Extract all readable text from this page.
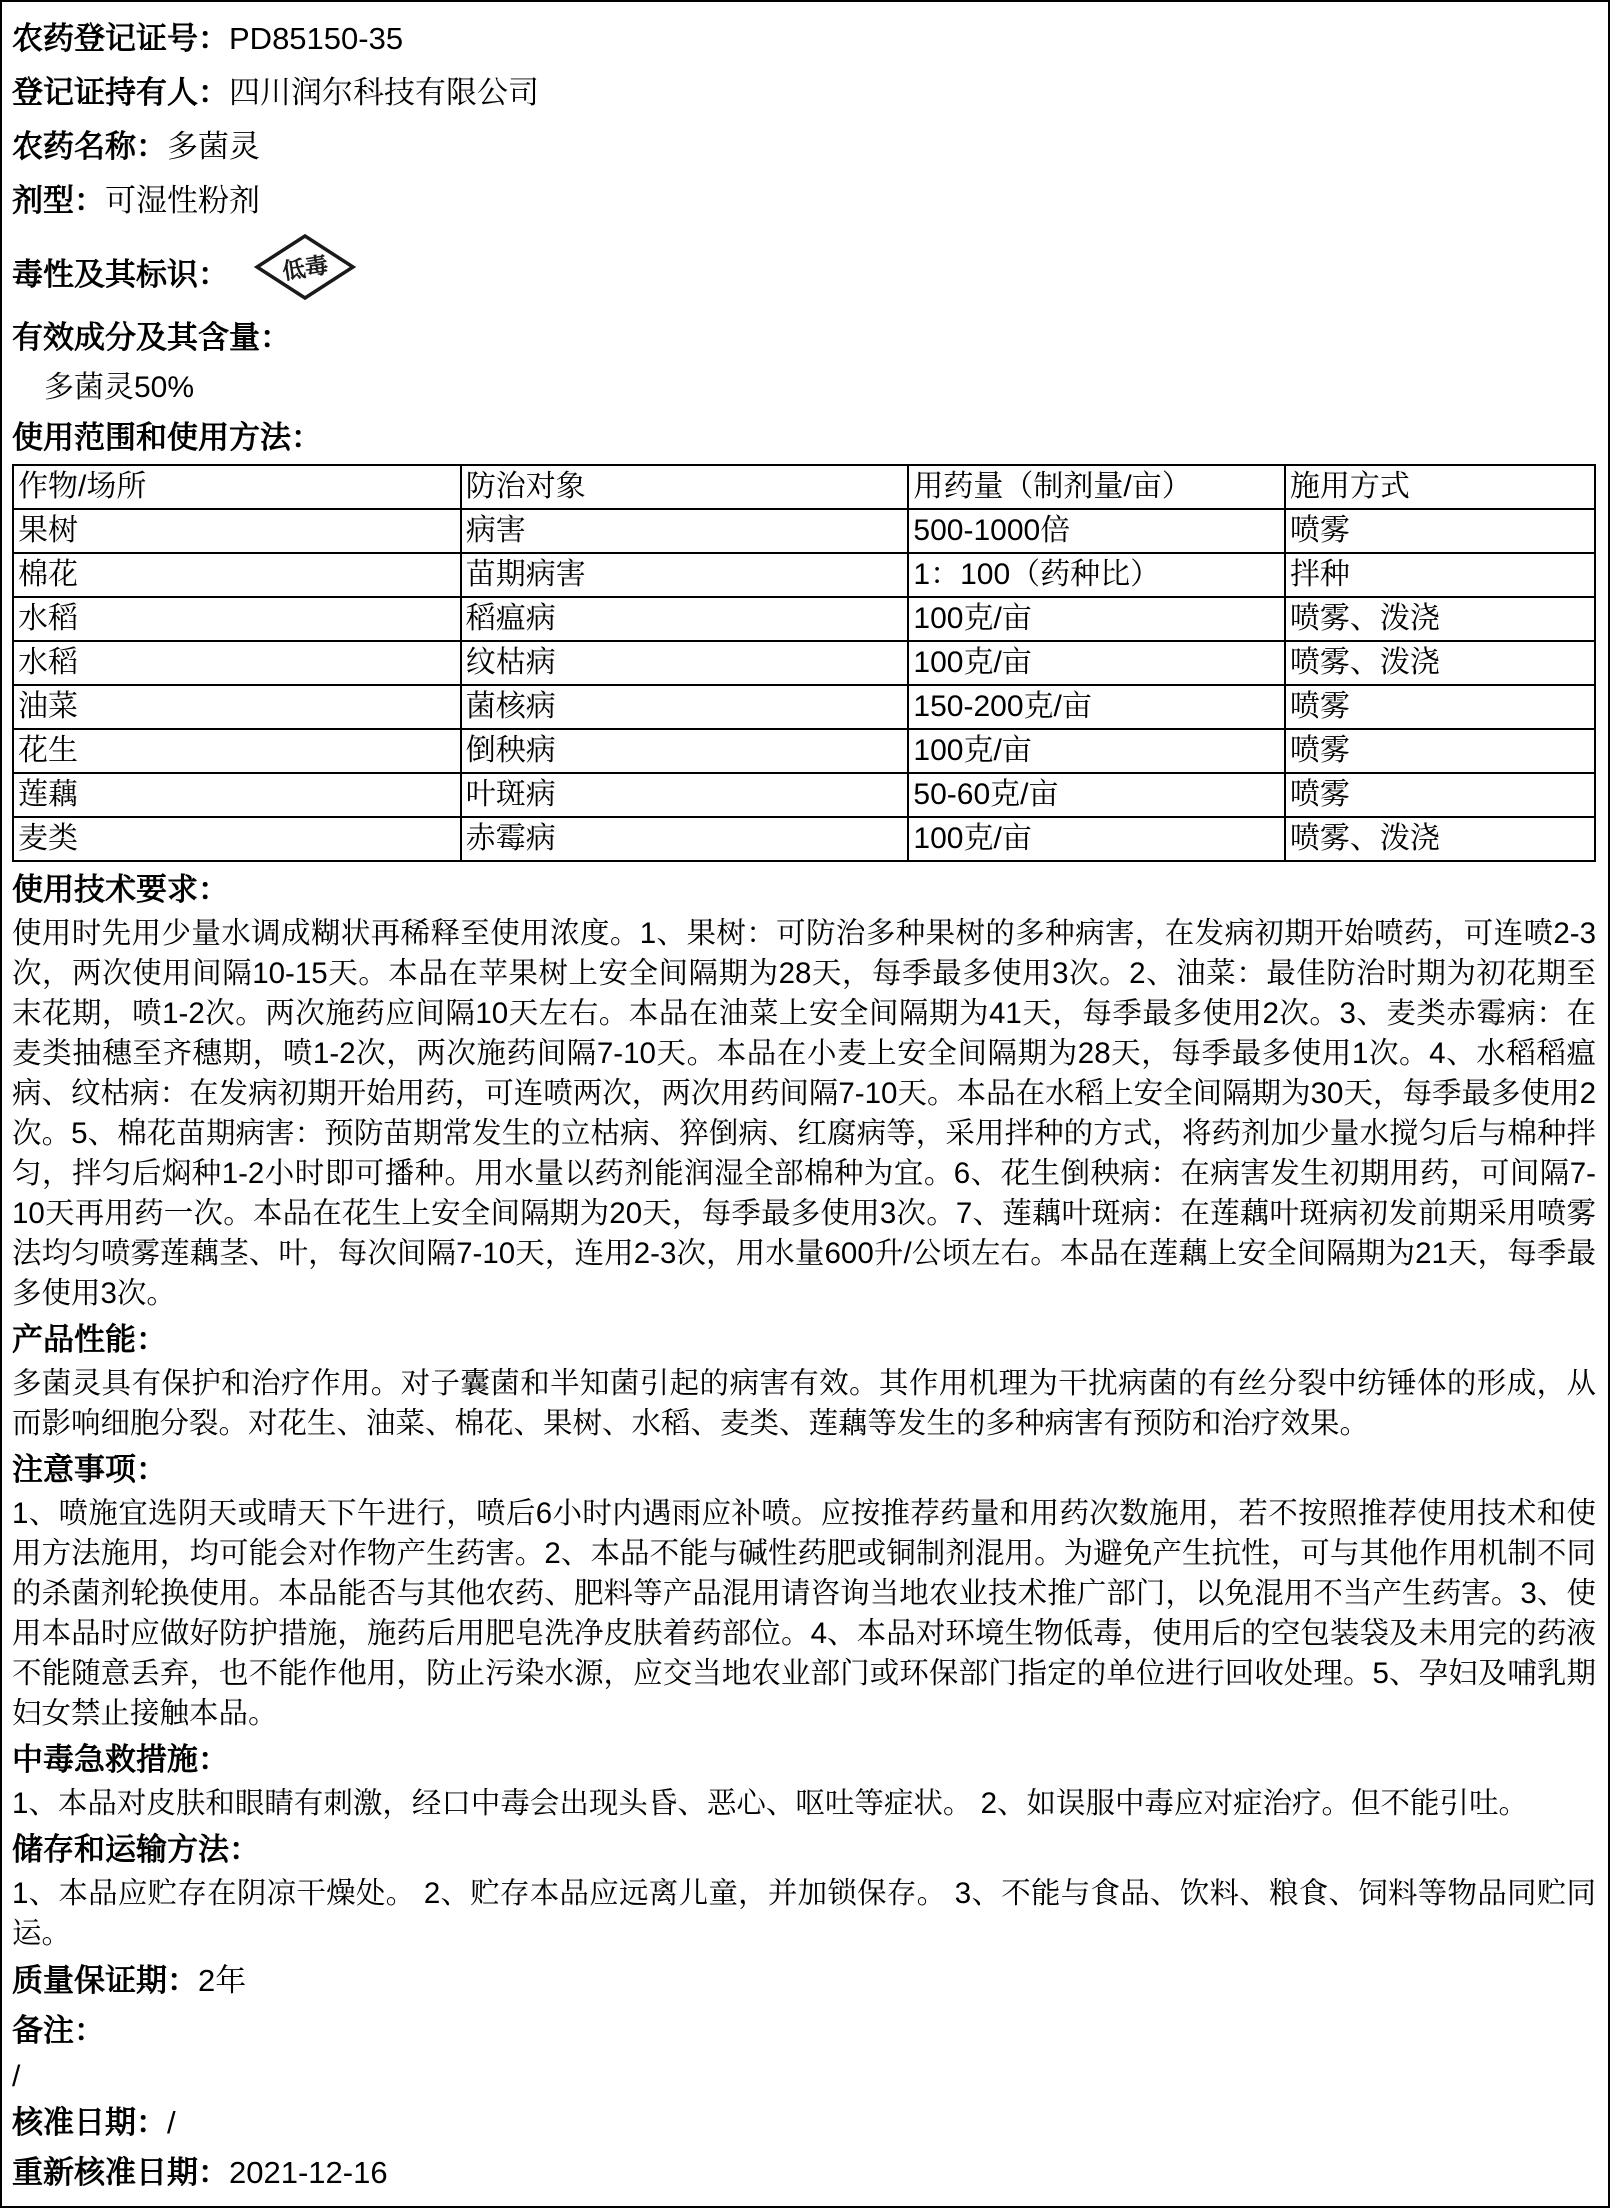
农药登记证号：PD85150-35
登记证持有人：四川润尔科技有限公司
农药名称：多菌灵
剂型：可湿性粉剂
毒性及其标识： 低毒
有效成分及其含量：
多菌灵50%
使用范围和使用方法：
作物/场所	防治对象	用药量（制剂量/亩）	施用方式
果树	病害	500-1000倍	喷雾
棉花	苗期病害	1：100（药种比）	拌种
水稻	稻瘟病	100克/亩	喷雾、泼浇
水稻	纹枯病	100克/亩	喷雾、泼浇
油菜	菌核病	150-200克/亩	喷雾
花生	倒秧病	100克/亩	喷雾
莲藕	叶斑病	50-60克/亩	喷雾
麦类	赤霉病	100克/亩	喷雾、泼浇
使用技术要求：

使用时先用少量水调成糊状再稀释至使用浓度。1、果树：可防治多种果树的多种病害，在发病初期开始喷药，可连喷2-3次，两次使用间隔10-15天。本品在苹果树上安全间隔期为28天，每季最多使用3次。2、油菜：最佳防治时期为初花期至末花期，喷1-2次。两次施药应间隔10天左右。本品在油菜上安全间隔期为41天，每季最多使用2次。3、麦类赤霉病：在麦类抽穗至齐穗期，喷1-2次，两次施药间隔7-10天。本品在小麦上安全间隔期为28天，每季最多使用1次。4、水稻稻瘟病、纹枯病：在发病初期开始用药，可连喷两次，两次用药间隔7-10天。本品在水稻上安全间隔期为30天，每季最多使用2次。5、棉花苗期病害：预防苗期常发生的立枯病、猝倒病、红腐病等，采用拌种的方式，将药剂加少量水搅匀后与棉种拌匀，拌匀后焖种1-2小时即可播种。用水量以药剂能润湿全部棉种为宜。6、花生倒秧病：在病害发生初期用药，可间隔7-10天再用药一次。本品在花生上安全间隔期为20天，每季最多使用3次。7、莲藕叶斑病：在莲藕叶斑病初发前期采用喷雾法均匀喷雾莲藕茎、叶，每次间隔7-10天，连用2-3次，用水量600升/公顷左右。本品在莲藕上安全间隔期为21天，每季最多使用3次。

产品性能：

多菌灵具有保护和治疗作用。对子囊菌和半知菌引起的病害有效。其作用机理为干扰病菌的有丝分裂中纺锤体的形成，从而影响细胞分裂。对花生、油菜、棉花、果树、水稻、麦类、莲藕等发生的多种病害有预防和治疗效果。

注意事项：

1、喷施宜选阴天或晴天下午进行，喷后6小时内遇雨应补喷。应按推荐药量和用药次数施用，若不按照推荐使用技术和使用方法施用，均可能会对作物产生药害。2、本品不能与碱性药肥或铜制剂混用。为避免产生抗性，可与其他作用机制不同的杀菌剂轮换使用。本品能否与其他农药、肥料等产品混用请咨询当地农业技术推广部门，以免混用不当产生药害。3、使用本品时应做好防护措施，施药后用肥皂洗净皮肤着药部位。4、本品对环境生物低毒，使用后的空包装袋及未用完的药液不能随意丢弃，也不能作他用，防止污染水源，应交当地农业部门或环保部门指定的单位进行回收处理。5、孕妇及哺乳期妇女禁止接触本品。

中毒急救措施：

1、本品对皮肤和眼睛有刺激，经口中毒会出现头昏、恶心、呕吐等症状。 2、如误服中毒应对症治疗。但不能引吐。

储存和运输方法：

1、本品应贮存在阴凉干燥处。 2、贮存本品应远离儿童，并加锁保存。 3、不能与食品、饮料、粮食、饲料等物品同贮同运。

质量保证期：2年
备注：
/
核准日期：/
重新核准日期：2021-12-16
